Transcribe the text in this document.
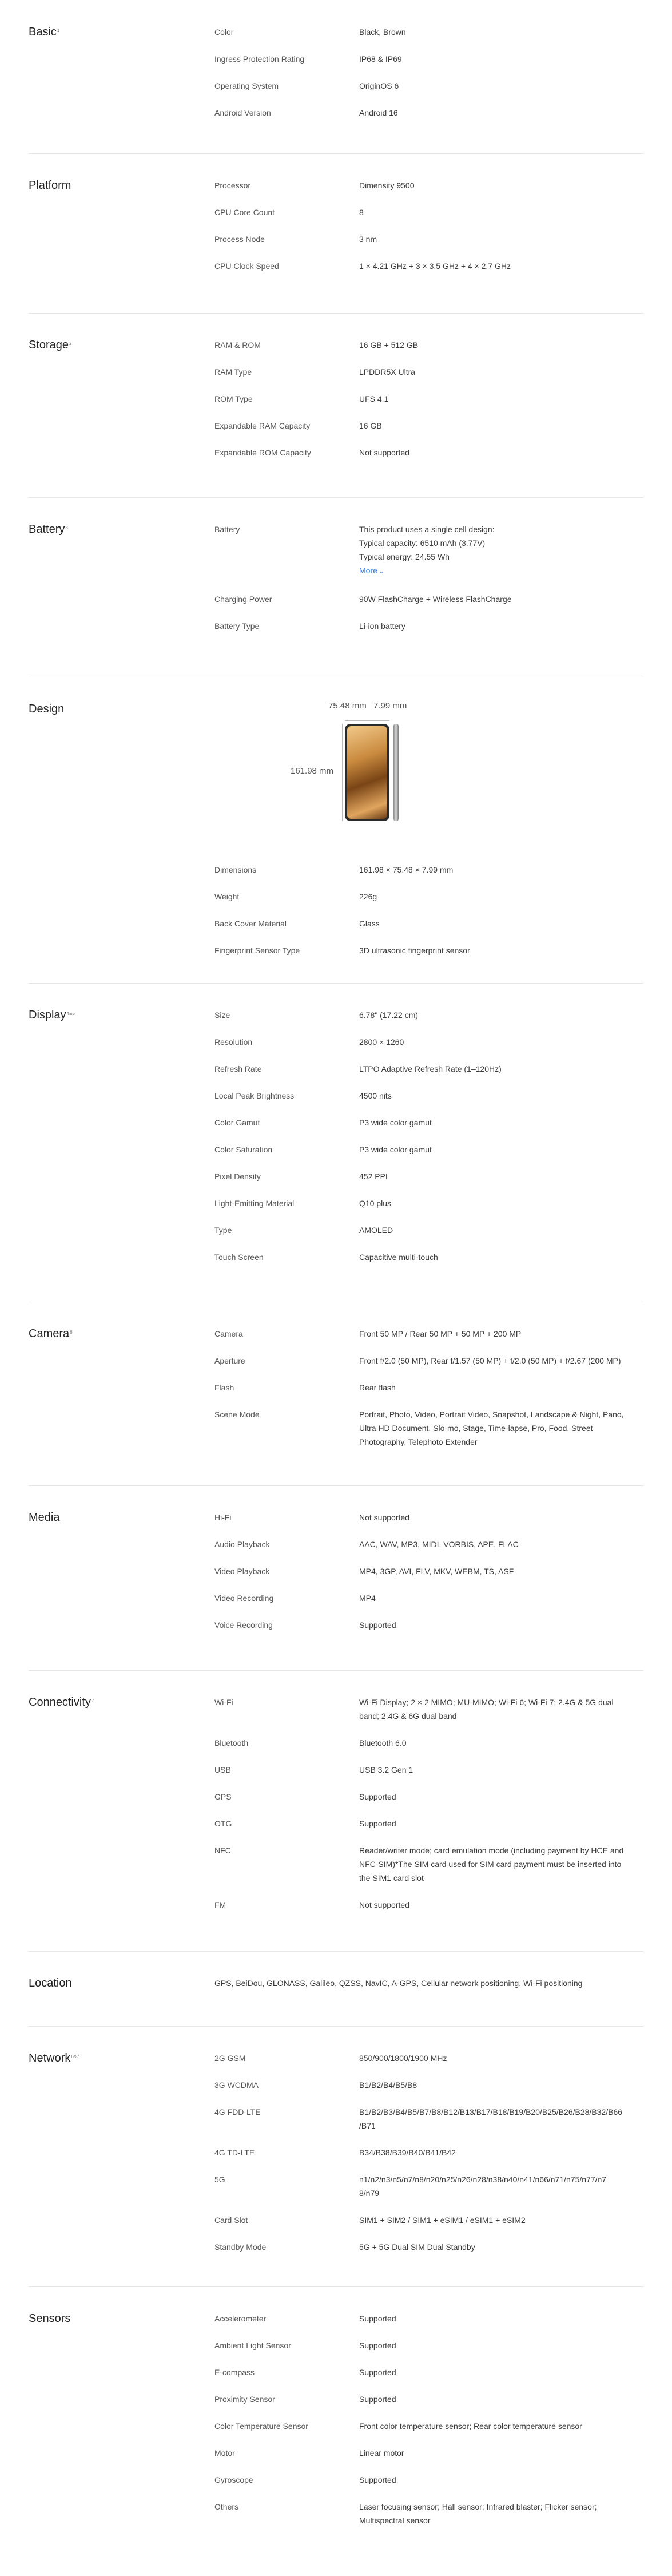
Basic$^1$	Color	Black, Brown
Ingress Protection Rating	IP68 & IP69
Operating System	OriginOS 6
Android Version	Android 16
Platform	Processor	Dimensity 9500
CPU Core Count	8
Process Node	3 nm
CPU Clock Speed	1 × 4.21 GHz + 3 × 3.5 GHz + 4 × 2.7 GHz
Storage$^2$	RAM & ROM	16 GB + 512 GB
RAM Type	LPDDR5X Ultra
ROM Type	UFS 4.1
Expandable RAM Capacity	16 GB
Expandable ROM Capacity	Not supported
Battery$^3$	Battery	This product uses a single cell design:
Typical capacity: 6510 mAh (3.77V)
Typical energy: 24.55 Wh
More ⌄
Charging Power	90W FlashCharge + Wireless FlashCharge
Battery Type	Li-ion battery
Design	75.48 mm 7.99 mm
161.98 mm
Dimensions	161.98 × 75.48 × 7.99 mm
Weight	226g
Back Cover Material	Glass
Fingerprint Sensor Type	3D ultrasonic fingerprint sensor
Display$^{4\&5}$	Size	6.78" (17.22 cm)
Resolution	2800 × 1260
Refresh Rate	LTPO Adaptive Refresh Rate (1–120Hz)
Local Peak Brightness	4500 nits
Color Gamut	P3 wide color gamut
Color Saturation	P3 wide color gamut
Pixel Density	452 PPI
Light-Emitting Material	Q10 plus
Type	AMOLED
Touch Screen	Capacitive multi-touch
Camera$^6$	Camera	Front 50 MP / Rear 50 MP + 50 MP + 200 MP
Aperture	Front f/2.0 (50 MP), Rear f/1.57 (50 MP) + f/2.0 (50 MP) + f/2.67 (200 MP)
Flash	Rear flash
Scene Mode	Portrait, Photo, Video, Portrait Video, Snapshot, Landscape & Night, Pano,
Ultra HD Document, Slo-mo, Stage, Time-lapse, Pro, Food, Street
Photography, Telephoto Extender
Media	Hi-Fi	Not supported
Audio Playback	AAC, WAV, MP3, MIDI, VORBIS, APE, FLAC
Video Playback	MP4, 3GP, AVI, FLV, MKV, WEBM, TS, ASF
Video Recording	MP4
Voice Recording	Supported
Connectivity$^7$	Wi-Fi	Wi-Fi Display; 2 × 2 MIMO; MU-MIMO; Wi-Fi 6; Wi-Fi 7; 2.4G & 5G dual
band; 2.4G & 6G dual band
Bluetooth	Bluetooth 6.0
USB	USB 3.2 Gen 1
GPS	Supported
OTG	Supported
NFC	Reader/writer mode; card emulation mode (including payment by HCE and
NFC-SIM)*The SIM card used for SIM card payment must be inserted into
the SIM1 card slot
FM	Not supported
Location	GPS, BeiDou, GLONASS, Galileo, QZSS, NavIC, A-GPS, Cellular network positioning, Wi-Fi positioning
Network$^{6\&7}$	2G GSM	850/900/1800/1900 MHz
3G WCDMA	B1/B2/B4/B5/B8
4G FDD-LTE	B1/B2/B3/B4/B5/B7/B8/B12/B13/B17/B18/B19/B20/B25/B26/B28/B32/B66
/B71
4G TD-LTE	B34/B38/B39/B40/B41/B42
5G	n1/n2/n3/n5/n7/n8/n20/n25/n26/n28/n38/n40/n41/n66/n71/n75/n77/n7
8/n79
Card Slot	SIM1 + SIM2 / SIM1 + eSIM1 / eSIM1 + eSIM2
Standby Mode	5G + 5G Dual SIM Dual Standby
Sensors	Accelerometer	Supported
Ambient Light Sensor	Supported
E-compass	Supported
Proximity Sensor	Supported
Color Temperature Sensor	Front color temperature sensor; Rear color temperature sensor
Motor	Linear motor
Gyroscope	Supported
Others	Laser focusing sensor; Hall sensor; Infrared blaster; Flicker sensor;
Multispectral sensor
